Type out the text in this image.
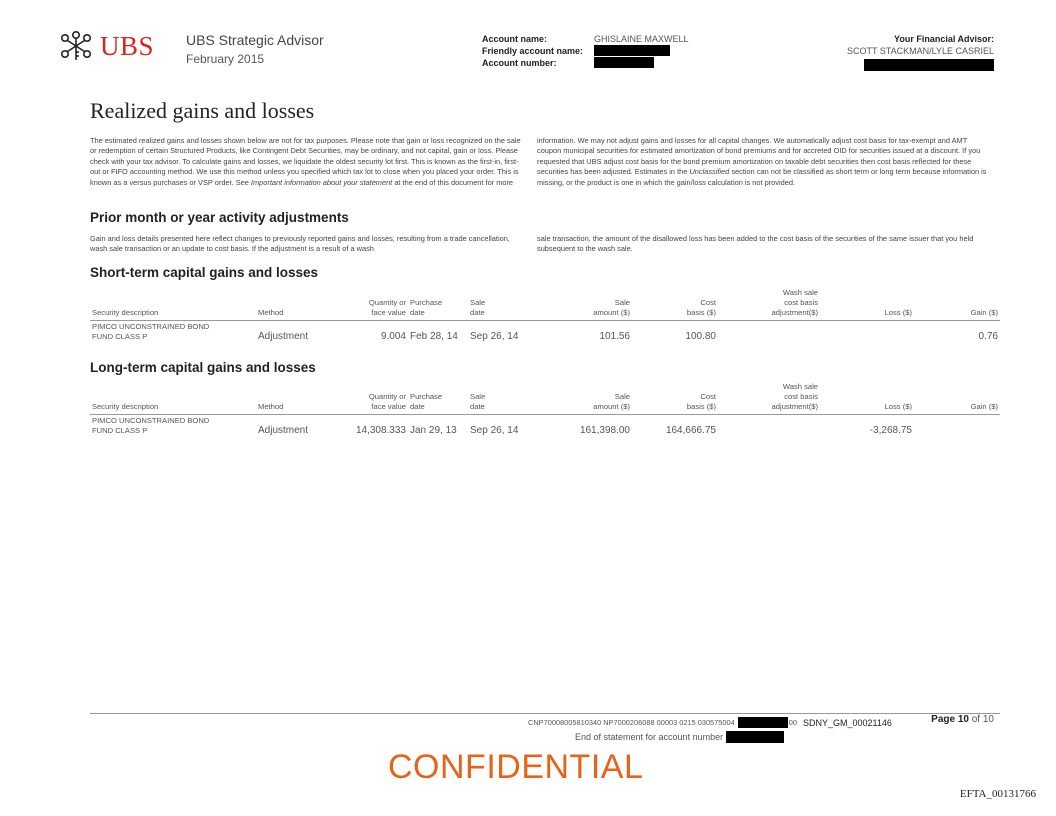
UBS UBS Strategic Advisor
February 2015
Account name:	GHISLAINE MAXWELL
Friendly account name:
Account number:
Your Financial Advisor:
SCOTT STACKMAN/LYLE CASRIEL
Realized gains and losses
The estimated realized gains and losses shown below are not for tax purposes. Please note that gain or loss recognized on the sale or redemption of certain Structured Products, like Contingent Debt Securities, may be ordinary, and not capital, gain or loss. Please check with your tax advisor. To calculate gains and losses, we liquidate the oldest security lot first. This is known as the first-in, first-out or FIFO accounting method. We use this method unless you specified which tax lot to close when you placed your order. This is known as a versus purchases or VSP order. See Important information about your statement at the end of this document for more
information. We may not adjust gains and losses for all capital changes. We automatically adjust cost basis for tax-exempt and AMT coupon municipal securities for estimated amortization of bond premiums and for accreted OID for securities issued at a discount. If you requested that UBS adjust cost basis for the bond premium amortization on taxable debt securities then cost basis reflected for these securities has been adjusted. Estimates in the Unclassified section can not be classified as short term or long term because information is missing, or the product is one in which the gain/loss calculation is not provided.
Prior month or year activity adjustments
Gain and loss details presented here reflect changes to previously reported gains and losses, resulting from a trade cancellation, wash sale transaction or an update to cost basis. If the adjustment is a result of a wash
sale transaction, the amount of the disallowed loss has been added to the cost basis of the securities of the same issuer that you held subsequent to the wash sale.
Short-term capital gains and losses
Security description	Method	Quantity or
face value	Purchase
date	Sale
date	Sale
amount ($)	Cost
basis ($)	Wash sale
cost basis
adjustment($)	Loss ($)	Gain ($)
PIMCO UNCONSTRAINED BOND
FUND CLASS P	Adjustment	9.004	Feb 28, 14	Sep 26, 14	101.56	100.80			0.76
Long-term capital gains and losses
Security description	Method	Quantity or
face value	Purchase
date	Sale
date	Sale
amount ($)	Cost
basis ($)	Wash sale
cost basis
adjustment($)	Loss ($)	Gain ($)
PIMCO UNCONSTRAINED BOND
FUND CLASS P	Adjustment	14,308.333	Jan 29, 13	Sep 26, 14	161,398.00	164,666.75		-3,268.75	
CNP70008005810340 NP7000206088 00003 0215 030575004	00 SDNY_GM_00021146	Page 10 of 10
End of statement for account number
CONFIDENTIAL
EFTA_00131766
